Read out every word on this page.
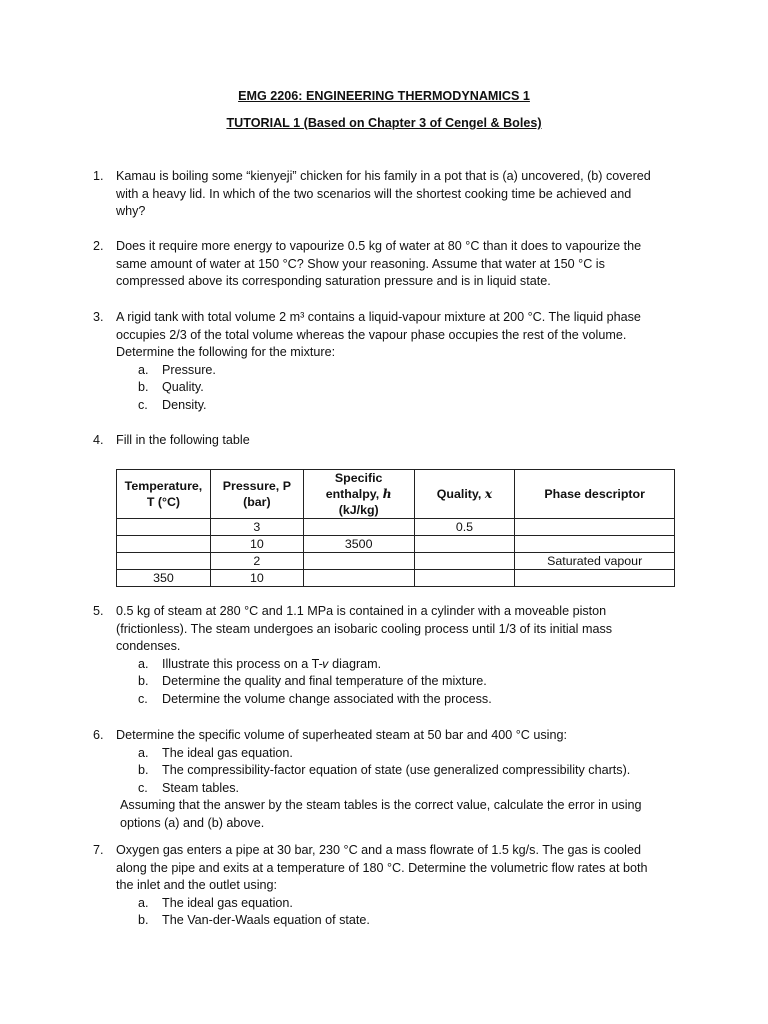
EMG 2206: ENGINEERING THERMODYNAMICS 1
TUTORIAL 1 (Based on Chapter 3 of Cengel & Boles)
1. Kamau is boiling some “kienyeji” chicken for his family in a pot that is (a) uncovered, (b) covered
with a heavy lid. In which of the two scenarios will the shortest cooking time be achieved and
why?
2. Does it require more energy to vapourize 0.5 kg of water at 80 °C than it does to vapourize the
same amount of water at 150 °C? Show your reasoning. Assume that water at 150 °C is
compressed above its corresponding saturation pressure and is in liquid state.
3. A rigid tank with total volume 2 m³ contains a liquid-vapour mixture at 200 °C. The liquid phase
occupies 2/3 of the total volume whereas the vapour phase occupies the rest of the volume.
Determine the following for the mixture:
a. Pressure.
b. Quality.
c. Density.
4. Fill in the following table
Temperature,
T (°C)	Pressure, P
(bar)	Specific
enthalpy, h
(kJ/kg)	Quality, x	Phase descriptor
	3		0.5	
	10	3500		
	2			Saturated vapour
350	10			
5. 0.5 kg of steam at 280 °C and 1.1 MPa is contained in a cylinder with a moveable piston
(frictionless). The steam undergoes an isobaric cooling process until 1/3 of its initial mass
condenses.
a. Illustrate this process on a T-𝑣 diagram.
b. Determine the quality and final temperature of the mixture.
c. Determine the volume change associated with the process.
6. Determine the specific volume of superheated steam at 50 bar and 400 °C using:
a. The ideal gas equation.
b. The compressibility-factor equation of state (use generalized compressibility charts).
c. Steam tables.
Assuming that the answer by the steam tables is the correct value, calculate the error in using
options (a) and (b) above.
7. Oxygen gas enters a pipe at 30 bar, 230 °C and a mass flowrate of 1.5 kg/s. The gas is cooled
along the pipe and exits at a temperature of 180 °C. Determine the volumetric flow rates at both
the inlet and the outlet using:
a. The ideal gas equation.
b. The Van-der-Waals equation of state.
